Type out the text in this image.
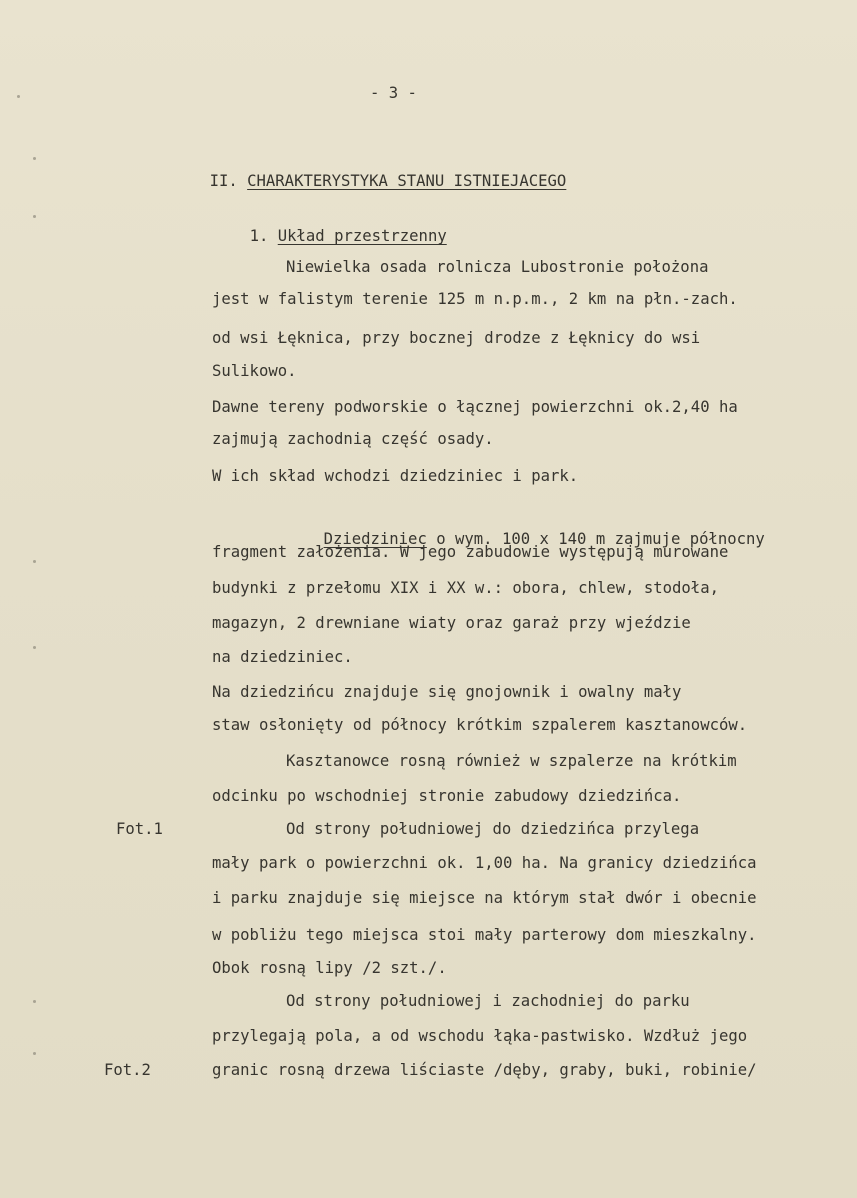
- 3 -

II. CHARAKTERYSTYKA STANU ISTNIEJACEGO

1. Układ przestrzenny

Niewielka osada rolnicza Lubostronie położona
jest w falistym terenie 125 m n.p.m., 2 km na płn.-zach.
od wsi Łęknica, przy bocznej drodze z Łęknicy do wsi
Sulikowo.
Dawne tereny podworskie o łącznej powierzchni ok.2,40 ha
zajmują zachodnią część osady.
W ich skład wchodzi dziedziniec i park.

Dziedziniec o wym. 100 x 140 m zajmuje północny

fragment założenia. W jego zabudowie występują murowane
budynki z przełomu XIX i XX w.: obora, chlew, stodoła,
magazyn, 2 drewniane wiaty oraz garaż przy wjeździe
na dziedziniec.
Na dziedzińcu znajduje się gnojownik i owalny mały
staw osłonięty od północy krótkim szpalerem kasztanowców.
Kasztanowce rosną również w szpalerze na krótkim
odcinku po wschodniej stronie zabudowy dziedzińca.
Fot.1	Od strony południowej do dziedzińca przylega
mały park o powierzchni ok. 1,00 ha. Na granicy dziedzińca
i parku znajduje się miejsce na którym stał dwór i obecnie
w pobliżu tego miejsca stoi mały parterowy dom mieszkalny.
Obok rosną lipy /2 szt./.
Od strony południowej i zachodniej do parku
przylegają pola, a od wschodu łąka-pastwisko. Wzdłuż jego
Fot.2	granic rosną drzewa liściaste /dęby, graby, buki, robinie/
